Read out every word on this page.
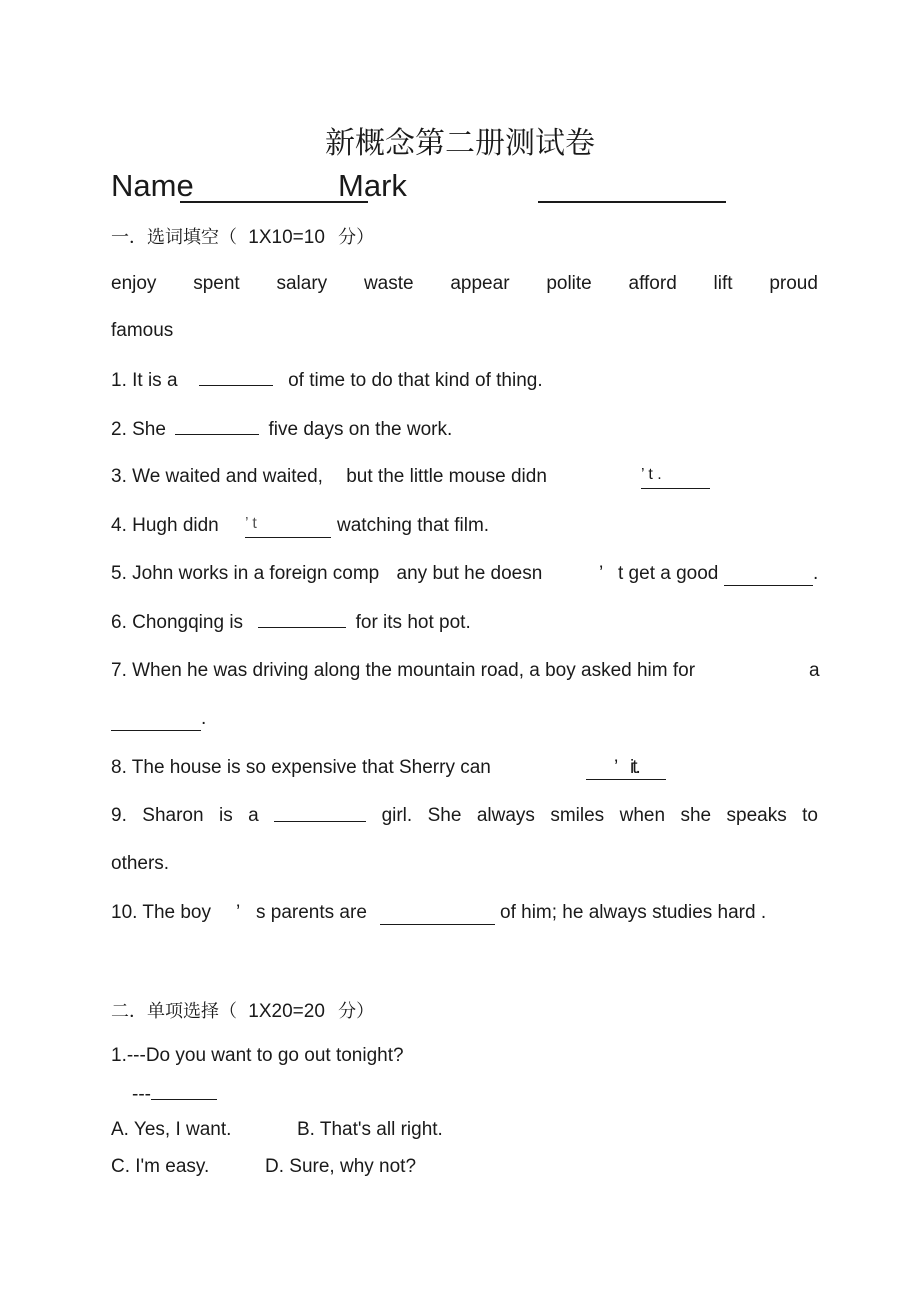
新概念第二册测试卷
Name	Mark
一．选词填空（ 1X10=10 分）
enjoy spent salary waste appear polite afford lift proud
famous
1. It is a	of time to do that kind of thing.
2. She	five days on the work.
3. We waited and waited, but the little mouse didn	’ t .
4. Hugh didn ’ t	watching that film.
5. John works in a foreign comp any but he doesn	’ t get a good	.
6. Chongqing is	for its hot pot.
7. When he was driving along the mountain road, a boy asked him for	a
.
8. The house is so expensive that Sherry can	’ it.
9. Sharon is a	girl. She always smiles when she speaks to
others.
10. The boy ’ s parents are	of him; he always studies hard .
二．单项选择（ 1X20=20 分）
1.---Do you want to go out tonight?
---
A. Yes, I want.	B. That's all right.
C. I'm easy.	D. Sure, why not?
